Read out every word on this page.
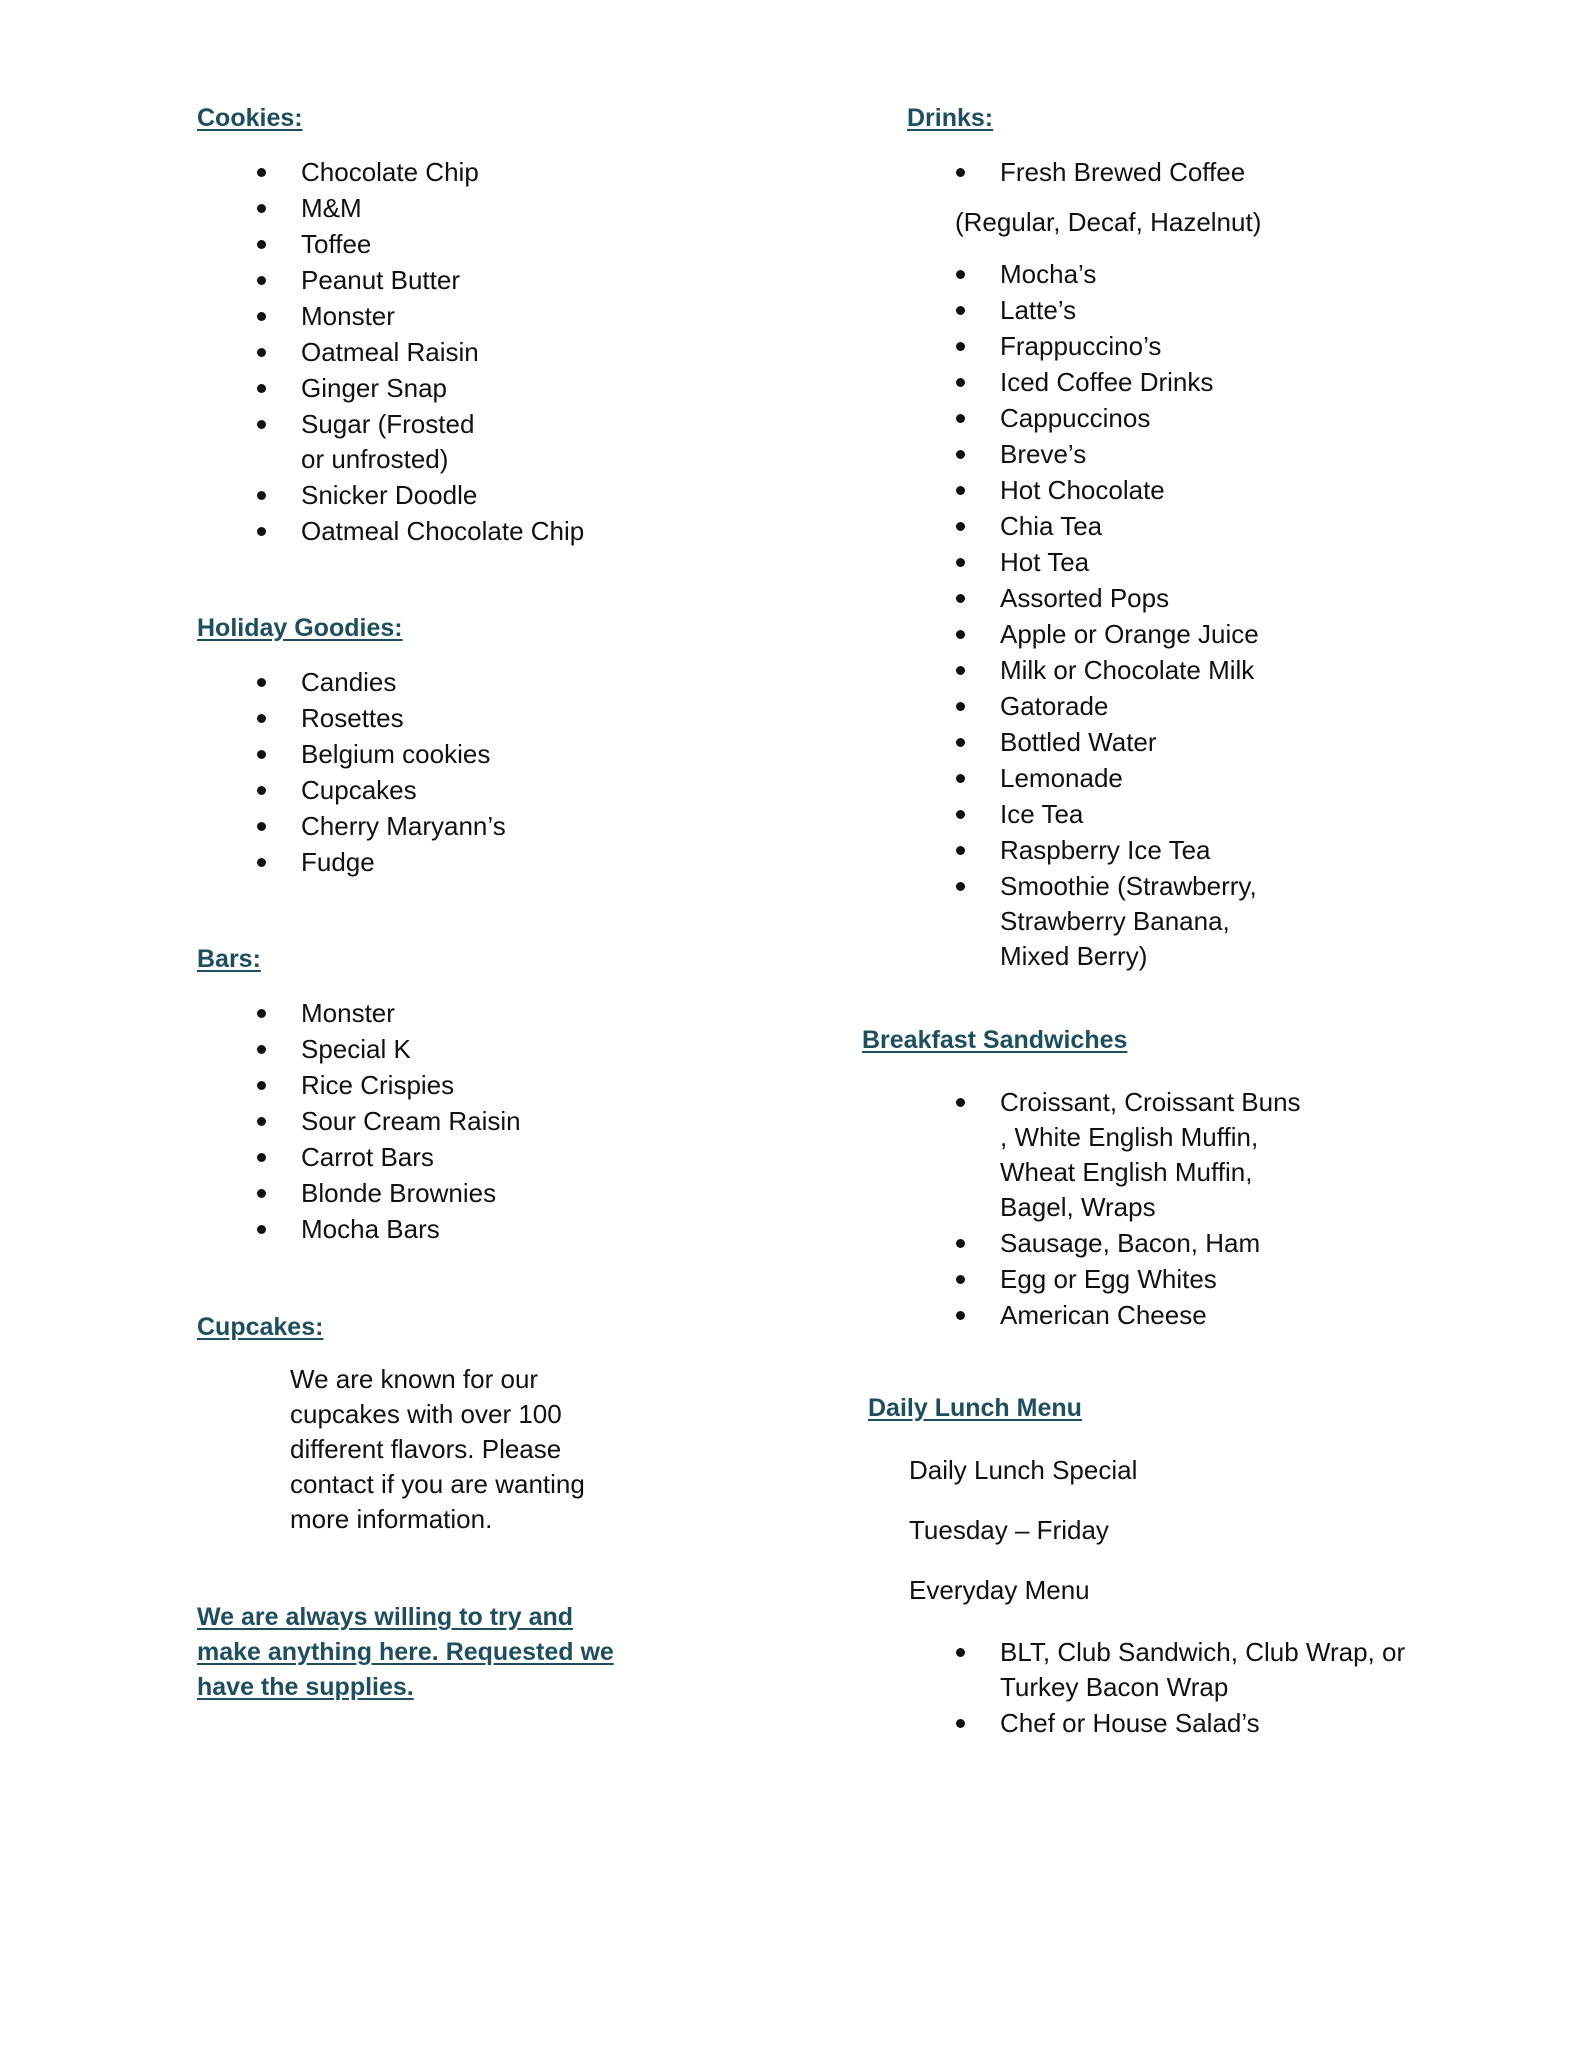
Cookies:
Chocolate Chip
M&M
Toffee
Peanut Butter
Monster
Oatmeal Raisin
Ginger Snap
Sugar (Frosted or unfrosted)
Snicker Doodle
Oatmeal Chocolate Chip
Holiday Goodies:
Candies
Rosettes
Belgium cookies
Cupcakes
Cherry Maryann’s
Fudge
Bars:
Monster
Special K
Rice Crispies
Sour Cream Raisin
Carrot Bars
Blonde Brownies
Mocha Bars
Cupcakes:

We are known for our cupcakes with over 100 different flavors. Please contact if you are wanting more information.

We are always willing to try and make anything here. Requested we have the supplies.

Drinks:
Fresh Brewed Coffee

(Regular, Decaf, Hazelnut)

Mocha’s
Latte’s
Frappuccino’s
Iced Coffee Drinks
Cappuccinos
Breve’s
Hot Chocolate
Chia Tea
Hot Tea
Assorted Pops
Apple or Orange Juice
Milk or Chocolate Milk
Gatorade
Bottled Water
Lemonade
Ice Tea
Raspberry Ice Tea
Smoothie (Strawberry, Strawberry Banana, Mixed Berry)
Breakfast Sandwiches
Croissant, Croissant Buns , White English Muffin, Wheat English Muffin, Bagel, Wraps
Sausage, Bacon, Ham
Egg or Egg Whites
American Cheese
Daily Lunch Menu

Daily Lunch Special

Tuesday – Friday

Everyday Menu

BLT, Club Sandwich, Club Wrap, or Turkey Bacon Wrap
Chef or House Salad’s
